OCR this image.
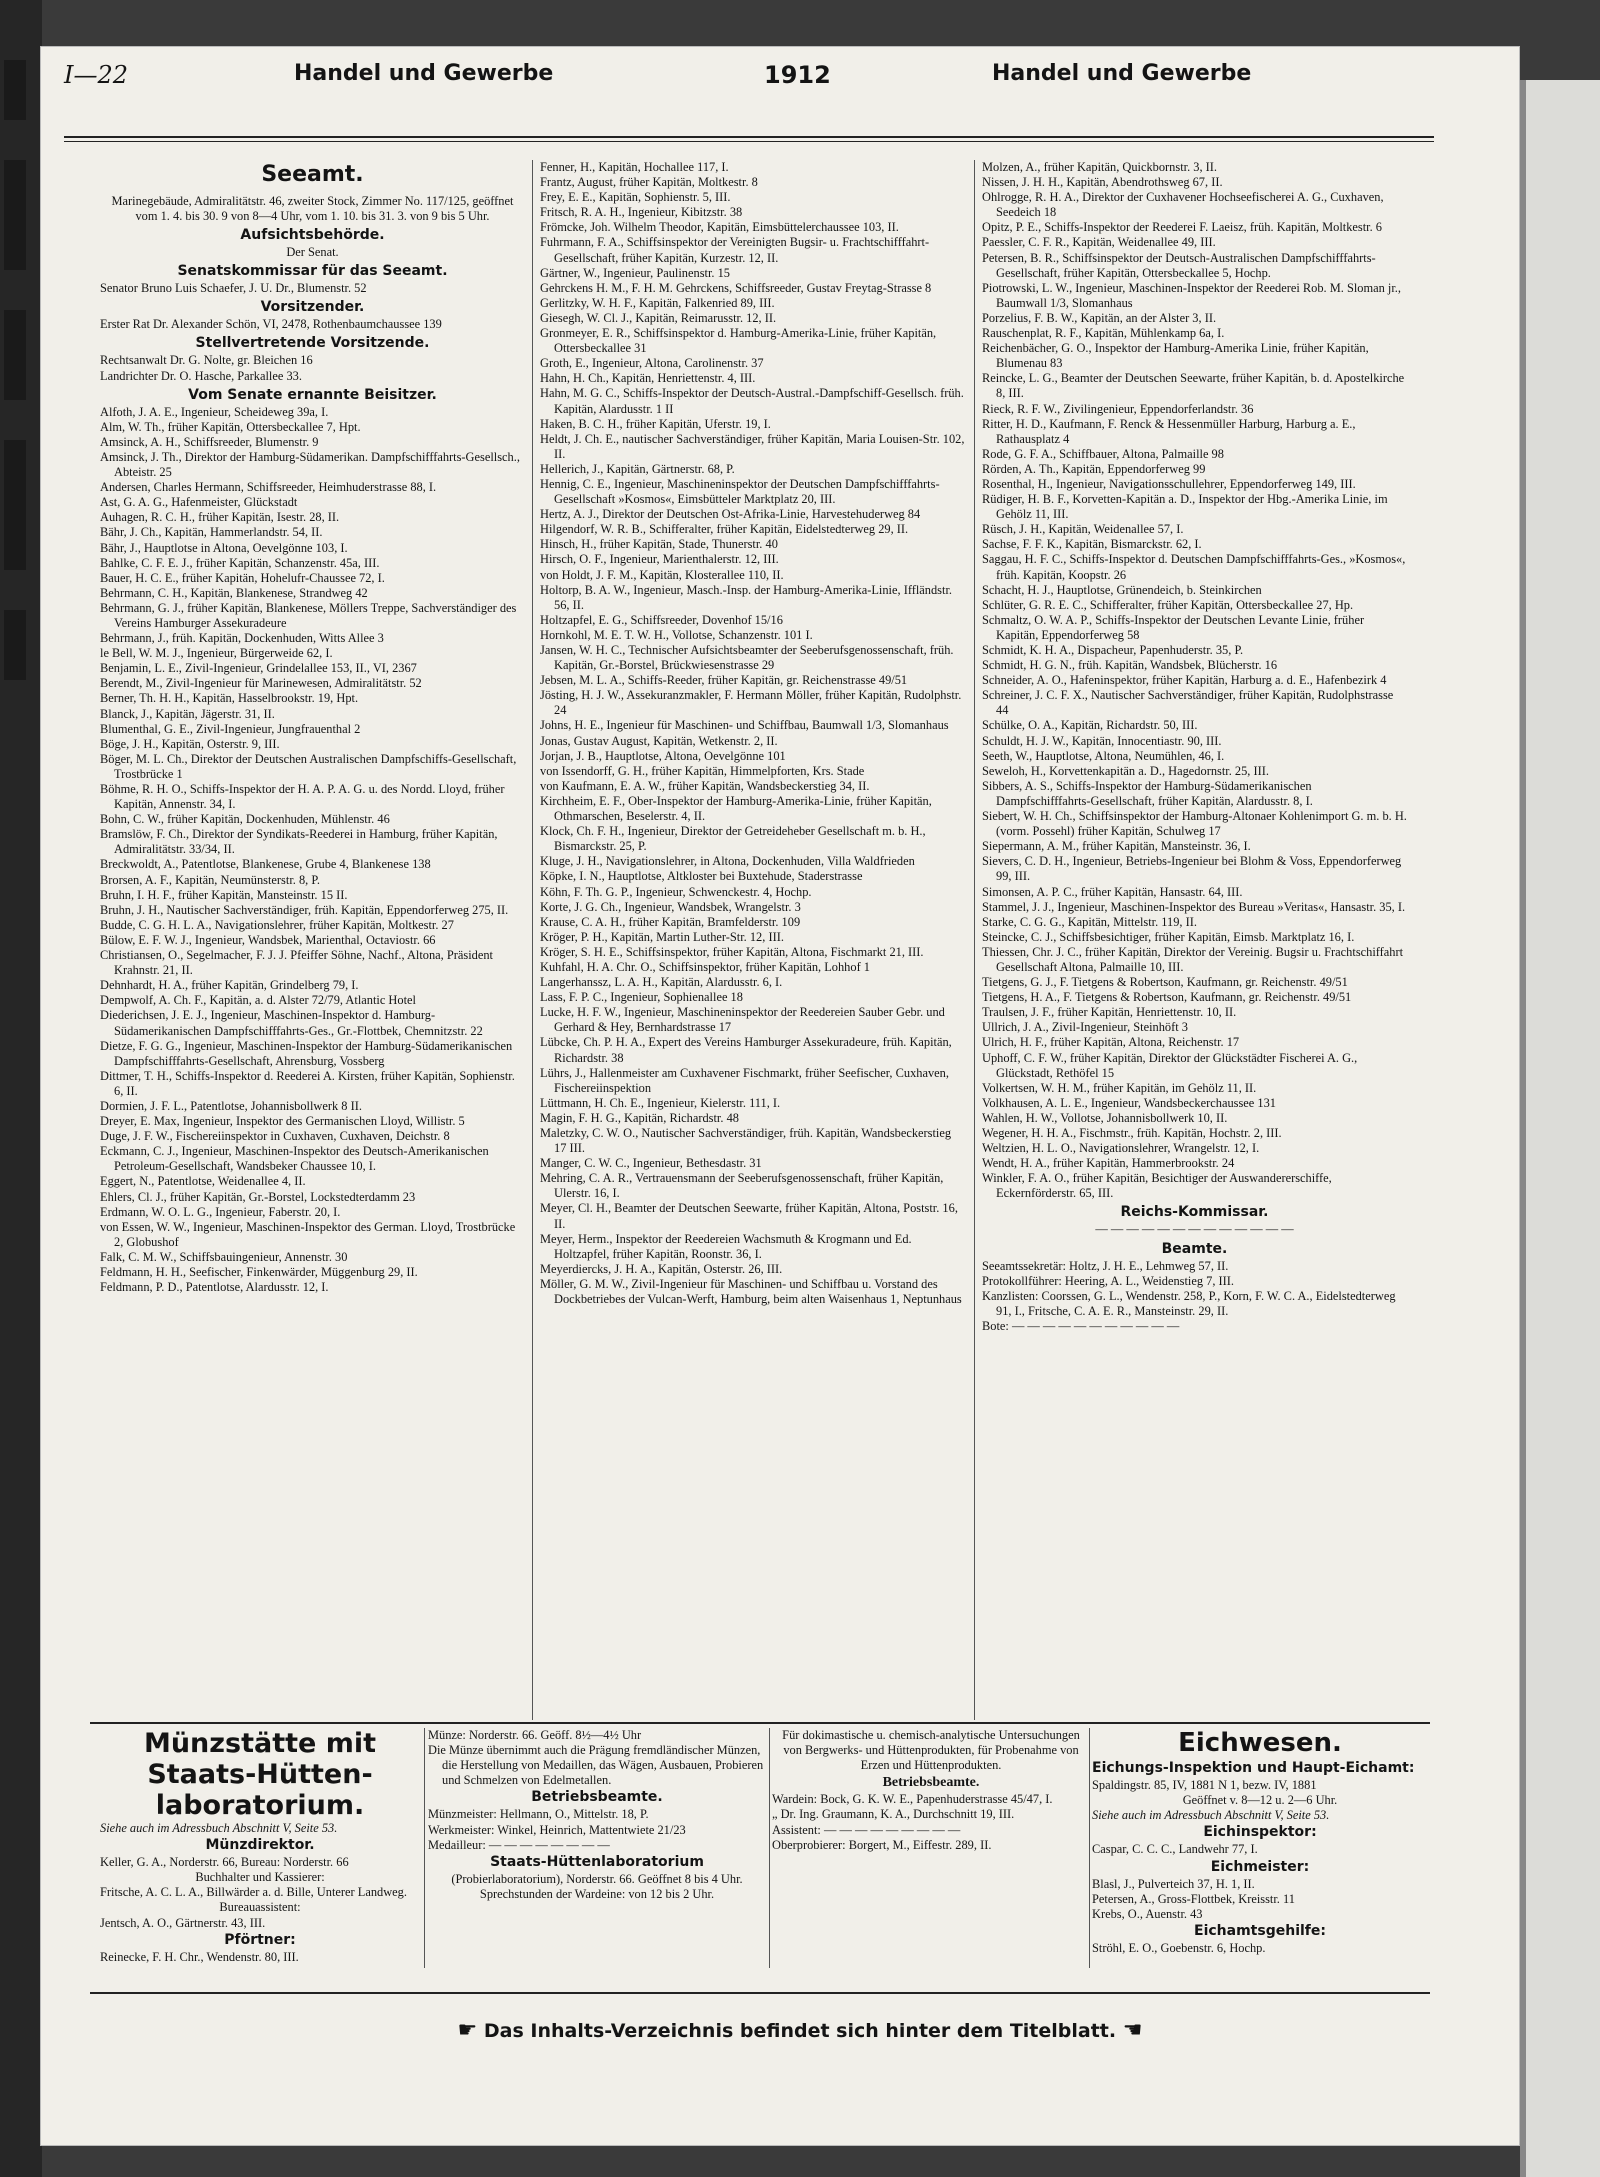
I—22	Handel und Gewerbe	1912	Handel und Gewerbe

Seeamt.

Marinegebäude, Admiralitätstr. 46, zweiter Stock, Zimmer No. 117/125, geöffnet vom 1. 4. bis 30. 9 von 8—4 Uhr, vom 1. 10. bis 31. 3. von 9 bis 5 Uhr.

Aufsichtsbehörde.

Der Senat.

Senatskommissar für das Seeamt.

Senator Bruno Luis Schaefer, J. U. Dr., Blumenstr. 52

Vorsitzender.

Erster Rat Dr. Alexander Schön, VI, 2478, Rothenbaumchaussee 139

Stellvertretende Vorsitzende.

Rechtsanwalt Dr. G. Nolte, gr. Bleichen 16

Landrichter Dr. O. Hasche, Parkallee 33.

Vom Senate ernannte Beisitzer.

Alfoth, J. A. E., Ingenieur, Scheideweg 39a, I.

Alm, W. Th., früher Kapitän, Ottersbeckallee 7, Hpt.

Amsinck, A. H., Schiffsreeder, Blumenstr. 9

Amsinck, J. Th., Direktor der Hamburg-Südamerikan. Dampfschifffahrts-Gesellsch., Abteistr. 25

Andersen, Charles Hermann, Schiffsreeder, Heimhuderstrasse 88, I.

Ast, G. A. G., Hafenmeister, Glückstadt

Auhagen, R. C. H., früher Kapitän, Isestr. 28, II.

Bähr, J. Ch., Kapitän, Hammerlandstr. 54, II.

Bähr, J., Hauptlotse in Altona, Oevelgönne 103, I.

Bahlke, C. F. E. J., früher Kapitän, Schanzenstr. 45a, III.

Bauer, H. C. E., früher Kapitän, Hohelufr-Chaussee 72, I.

Behrmann, C. H., Kapitän, Blankenese, Strandweg 42

Behrmann, G. J., früher Kapitän, Blankenese, Möllers Treppe, Sachverständiger des Vereins Hamburger Assekuradeure

Behrmann, J., früh. Kapitän, Dockenhuden, Witts Allee 3

le Bell, W. M. J., Ingenieur, Bürgerweide 62, I.

Benjamin, L. E., Zivil-Ingenieur, Grindelallee 153, II., VI, 2367

Berendt, M., Zivil-Ingenieur für Marinewesen, Admiralitätstr. 52

Berner, Th. H. H., Kapitän, Hasselbrookstr. 19, Hpt.

Blanck, J., Kapitän, Jägerstr. 31, II.

Blumenthal, G. E., Zivil-Ingenieur, Jungfrauenthal 2

Böge, J. H., Kapitän, Osterstr. 9, III.

Böger, M. L. Ch., Direktor der Deutschen Australischen Dampfschiffs-Gesellschaft, Trostbrücke 1

Böhme, R. H. O., Schiffs-Inspektor der H. A. P. A. G. u. des Nordd. Lloyd, früher Kapitän, Annenstr. 34, I.

Bohn, C. W., früher Kapitän, Dockenhuden, Mühlenstr. 46

Bramslöw, F. Ch., Direktor der Syndikats-Reederei in Hamburg, früher Kapitän, Admiralitätstr. 33/34, II.

Breckwoldt, A., Patentlotse, Blankenese, Grube 4, Blankenese 138

Brorsen, A. F., Kapitän, Neumünsterstr. 8, P.

Bruhn, I. H. F., früher Kapitän, Mansteinstr. 15 II.

Bruhn, J. H., Nautischer Sachverständiger, früh. Kapitän, Eppendorferweg 275, II.

Budde, C. G. H. L. A., Navigationslehrer, früher Kapitän, Moltkestr. 27

Bülow, E. F. W. J., Ingenieur, Wandsbek, Marienthal, Octaviostr. 66

Christiansen, O., Segelmacher, F. J. J. Pfeiffer Söhne, Nachf., Altona, Präsident Krahnstr. 21, II.

Dehnhardt, H. A., früher Kapitän, Grindelberg 79, I.

Dempwolf, A. Ch. F., Kapitän, a. d. Alster 72/79, Atlantic Hotel

Diederichsen, J. E. J., Ingenieur, Maschinen-Inspektor d. Hamburg-Südamerikanischen Dampfschifffahrts-Ges., Gr.-Flottbek, Chemnitzstr. 22

Dietze, F. G. G., Ingenieur, Maschinen-Inspektor der Hamburg-Südamerikanischen Dampfschifffahrts-Gesellschaft, Ahrensburg, Vossberg

Dittmer, T. H., Schiffs-Inspektor d. Reederei A. Kirsten, früher Kapitän, Sophienstr. 6, II.

Dormien, J. F. L., Patentlotse, Johannisbollwerk 8 II.

Dreyer, E. Max, Ingenieur, Inspektor des Germanischen Lloyd, Willistr. 5

Duge, J. F. W., Fischereiinspektor in Cuxhaven, Cuxhaven, Deichstr. 8

Eckmann, C. J., Ingenieur, Maschinen-Inspektor des Deutsch-Amerikanischen Petroleum-Gesellschaft, Wandsbeker Chaussee 10, I.

Eggert, N., Patentlotse, Weidenallee 4, II.

Ehlers, Cl. J., früher Kapitän, Gr.-Borstel, Lockstedterdamm 23

Erdmann, W. O. L. G., Ingenieur, Faberstr. 20, I.

von Essen, W. W., Ingenieur, Maschinen-Inspektor des German. Lloyd, Trostbrücke 2, Globushof

Falk, C. M. W., Schiffsbauingenieur, Annenstr. 30

Feldmann, H. H., Seefischer, Finkenwärder, Müggenburg 29, II.

Feldmann, P. D., Patentlotse, Alardusstr. 12, I.

Fenner, H., Kapitän, Hochallee 117, I.

Frantz, August, früher Kapitän, Moltkestr. 8

Frey, E. E., Kapitän, Sophienstr. 5, III.

Fritsch, R. A. H., Ingenieur, Kibitzstr. 38

Frömcke, Joh. Wilhelm Theodor, Kapitän, Eimsbüttelerchaussee 103, II.

Fuhrmann, F. A., Schiffsinspektor der Vereinigten Bugsir- u. Frachtschifffahrt-Gesellschaft, früher Kapitän, Kurzestr. 12, II.

Gärtner, W., Ingenieur, Paulinenstr. 15

Gehrckens H. M., F. H. M. Gehrckens, Schiffsreeder, Gustav Freytag-Strasse 8

Gerlitzky, W. H. F., Kapitän, Falkenried 89, III.

Giesegh, W. Cl. J., Kapitän, Reimarusstr. 12, II.

Gronmeyer, E. R., Schiffsinspektor d. Hamburg-Amerika-Linie, früher Kapitän, Ottersbeckallee 31

Groth, E., Ingenieur, Altona, Carolinenstr. 37

Hahn, H. Ch., Kapitän, Henriettenstr. 4, III.

Hahn, M. G. C., Schiffs-Inspektor der Deutsch-Austral.-Dampfschiff-Gesellsch. früh. Kapitän, Alardusstr. 1 II

Haken, B. C. H., früher Kapitän, Uferstr. 19, I.

Heldt, J. Ch. E., nautischer Sachverständiger, früher Kapitän, Maria Louisen-Str. 102, II.

Hellerich, J., Kapitän, Gärtnerstr. 68, P.

Hennig, C. E., Ingenieur, Maschineninspektor der Deutschen Dampfschifffahrts-Gesellschaft »Kosmos«, Eimsbütteler Marktplatz 20, III.

Hertz, A. J., Direktor der Deutschen Ost-Afrika-Linie, Harvestehuderweg 84

Hilgendorf, W. R. B., Schifferalter, früher Kapitän, Eidelstedterweg 29, II.

Hinsch, H., früher Kapitän, Stade, Thunerstr. 40

Hirsch, O. F., Ingenieur, Marienthalerstr. 12, III.

von Holdt, J. F. M., Kapitän, Klosterallee 110, II.

Holtorp, B. A. W., Ingenieur, Masch.-Insp. der Hamburg-Amerika-Linie, Iffländstr. 56, II.

Holtzapfel, E. G., Schiffsreeder, Dovenhof 15/16

Hornkohl, M. E. T. W. H., Vollotse, Schanzenstr. 101 I.

Jansen, W. H. C., Technischer Aufsichtsbeamter der Seeberufsgenossenschaft, früh. Kapitän, Gr.-Borstel, Brückwiesenstrasse 29

Jebsen, M. L. A., Schiffs-Reeder, früher Kapitän, gr. Reichenstrasse 49/51

Jösting, H. J. W., Assekuranzmakler, F. Hermann Möller, früher Kapitän, Rudolphstr. 24

Johns, H. E., Ingenieur für Maschinen- und Schiffbau, Baumwall 1/3, Slomanhaus

Jonas, Gustav August, Kapitän, Wetkenstr. 2, II.

Jorjan, J. B., Hauptlotse, Altona, Oevelgönne 101

von Issendorff, G. H., früher Kapitän, Himmelpforten, Krs. Stade

von Kaufmann, E. A. W., früher Kapitän, Wandsbeckerstieg 34, II.

Kirchheim, E. F., Ober-Inspektor der Hamburg-Amerika-Linie, früher Kapitän, Othmarschen, Beselerstr. 4, II.

Klock, Ch. F. H., Ingenieur, Direktor der Getreideheber Gesellschaft m. b. H., Bismarckstr. 25, P.

Kluge, J. H., Navigationslehrer, in Altona, Dockenhuden, Villa Waldfrieden

Köpke, I. N., Hauptlotse, Altkloster bei Buxtehude, Staderstrasse

Köhn, F. Th. G. P., Ingenieur, Schwenckestr. 4, Hochp.

Korte, J. G. Ch., Ingenieur, Wandsbek, Wrangelstr. 3

Krause, C. A. H., früher Kapitän, Bramfelderstr. 109

Kröger, P. H., Kapitän, Martin Luther-Str. 12, III.

Kröger, S. H. E., Schiffsinspektor, früher Kapitän, Altona, Fischmarkt 21, III.

Kuhfahl, H. A. Chr. O., Schiffsinspektor, früher Kapitän, Lohhof 1

Langerhanssz, L. A. H., Kapitän, Alardusstr. 6, I.

Lass, F. P. C., Ingenieur, Sophienallee 18

Lucke, H. F. W., Ingenieur, Maschineninspektor der Reedereien Sauber Gebr. und Gerhard & Hey, Bernhardstrasse 17

Lübcke, Ch. P. H. A., Expert des Vereins Hamburger Assekuradeure, früh. Kapitän, Richardstr. 38

Lührs, J., Hallenmeister am Cuxhavener Fischmarkt, früher Seefischer, Cuxhaven, Fischereiinspektion

Lüttmann, H. Ch. E., Ingenieur, Kielerstr. 111, I.

Magin, F. H. G., Kapitän, Richardstr. 48

Maletzky, C. W. O., Nautischer Sachverständiger, früh. Kapitän, Wandsbeckerstieg 17 III.

Manger, C. W. C., Ingenieur, Bethesdastr. 31

Mehring, C. A. R., Vertrauensmann der Seeberufsgenossenschaft, früher Kapitän, Ulerstr. 16, I.

Meyer, Cl. H., Beamter der Deutschen Seewarte, früher Kapitän, Altona, Poststr. 16, II.

Meyer, Herm., Inspektor der Reedereien Wachsmuth & Krogmann und Ed. Holtzapfel, früher Kapitän, Roonstr. 36, I.

Meyerdiercks, J. H. A., Kapitän, Osterstr. 26, III.

Möller, G. M. W., Zivil-Ingenieur für Maschinen- und Schiffbau u. Vorstand des Dockbetriebes der Vulcan-Werft, Hamburg, beim alten Waisenhaus 1, Neptunhaus

Molzen, A., früher Kapitän, Quickbornstr. 3, II.

Nissen, J. H. H., Kapitän, Abendrothsweg 67, II.

Ohlrogge, R. H. A., Direktor der Cuxhavener Hochseefischerei A. G., Cuxhaven, Seedeich 18

Opitz, P. E., Schiffs-Inspektor der Reederei F. Laeisz, früh. Kapitän, Moltkestr. 6

Paessler, C. F. R., Kapitän, Weidenallee 49, III.

Petersen, B. R., Schiffsinspektor der Deutsch-Australischen Dampfschifffahrts-Gesellschaft, früher Kapitän, Ottersbeckallee 5, Hochp.

Piotrowski, L. W., Ingenieur, Maschinen-Inspektor der Reederei Rob. M. Sloman jr., Baumwall 1/3, Slomanhaus

Porzelius, F. B. W., Kapitän, an der Alster 3, II.

Rauschenplat, R. F., Kapitän, Mühlenkamp 6a, I.

Reichenbächer, G. O., Inspektor der Hamburg-Amerika Linie, früher Kapitän, Blumenau 83

Reincke, L. G., Beamter der Deutschen Seewarte, früher Kapitän, b. d. Apostelkirche 8, III.

Rieck, R. F. W., Zivilingenieur, Eppendorferlandstr. 36

Ritter, H. D., Kaufmann, F. Renck & Hessenmüller Harburg, Harburg a. E., Rathausplatz 4

Rode, G. F. A., Schiffbauer, Altona, Palmaille 98

Rörden, A. Th., Kapitän, Eppendorferweg 99

Rosenthal, H., Ingenieur, Navigationsschullehrer, Eppendorferweg 149, III.

Rüdiger, H. B. F., Korvetten-Kapitän a. D., Inspektor der Hbg.-Amerika Linie, im Gehölz 11, III.

Rüsch, J. H., Kapitän, Weidenallee 57, I.

Sachse, F. F. K., Kapitän, Bismarckstr. 62, I.

Saggau, H. F. C., Schiffs-Inspektor d. Deutschen Dampfschifffahrts-Ges., »Kosmos«, früh. Kapitän, Koopstr. 26

Schacht, H. J., Hauptlotse, Grünendeich, b. Steinkirchen

Schlüter, G. R. E. C., Schifferalter, früher Kapitän, Ottersbeckallee 27, Hp.

Schmaltz, O. W. A. P., Schiffs-Inspektor der Deutschen Levante Linie, früher Kapitän, Eppendorferweg 58

Schmidt, K. H. A., Dispacheur, Papenhuderstr. 35, P.

Schmidt, H. G. N., früh. Kapitän, Wandsbek, Blücherstr. 16

Schneider, A. O., Hafeninspektor, früher Kapitän, Harburg a. d. E., Hafenbezirk 4

Schreiner, J. C. F. X., Nautischer Sachverständiger, früher Kapitän, Rudolphstrasse 44

Schülke, O. A., Kapitän, Richardstr. 50, III.

Schuldt, H. J. W., Kapitän, Innocentiastr. 90, III.

Seeth, W., Hauptlotse, Altona, Neumühlen, 46, I.

Seweloh, H., Korvettenkapitän a. D., Hagedornstr. 25, III.

Sibbers, A. S., Schiffs-Inspektor der Hamburg-Südamerikanischen Dampfschifffahrts-Gesellschaft, früher Kapitän, Alardusstr. 8, I.

Siebert, W. H. Ch., Schiffsinspektor der Hamburg-Altonaer Kohlenimport G. m. b. H. (vorm. Possehl) früher Kapitän, Schulweg 17

Siepermann, A. M., früher Kapitän, Mansteinstr. 36, I.

Sievers, C. D. H., Ingenieur, Betriebs-Ingenieur bei Blohm & Voss, Eppendorferweg 99, III.

Simonsen, A. P. C., früher Kapitän, Hansastr. 64, III.

Stammel, J. J., Ingenieur, Maschinen-Inspektor des Bureau »Veritas«, Hansastr. 35, I.

Starke, C. G. G., Kapitän, Mittelstr. 119, II.

Steincke, C. J., Schiffsbesichtiger, früher Kapitän, Eimsb. Marktplatz 16, I.

Thiessen, Chr. J. C., früher Kapitän, Direktor der Vereinig. Bugsir u. Frachtschiffahrt Gesellschaft Altona, Palmaille 10, III.

Tietgens, G. J., F. Tietgens & Robertson, Kaufmann, gr. Reichenstr. 49/51

Tietgens, H. A., F. Tietgens & Robertson, Kaufmann, gr. Reichenstr. 49/51

Traulsen, J. F., früher Kapitän, Henriettenstr. 10, II.

Ullrich, J. A., Zivil-Ingenieur, Steinhöft 3

Ulrich, H. F., früher Kapitän, Altona, Reichenstr. 17

Uphoff, C. F. W., früher Kapitän, Direktor der Glückstädter Fischerei A. G., Glückstadt, Rethöfel 15

Volkertsen, W. H. M., früher Kapitän, im Gehölz 11, II.

Volkhausen, A. L. E., Ingenieur, Wandsbeckerchaussee 131

Wahlen, H. W., Vollotse, Johannisbollwerk 10, II.

Wegener, H. H. A., Fischmstr., früh. Kapitän, Hochstr. 2, III.

Weltzien, H. L. O., Navigationslehrer, Wrangelstr. 12, I.

Wendt, H. A., früher Kapitän, Hammerbrookstr. 24

Winkler, F. A. O., früher Kapitän, Besichtiger der Auswandererschiffe, Eckernförderstr. 65, III.

Reichs-Kommissar.

— — — — — — — — — — — — —

Beamte.

Seeamtssekretär: Holtz, J. H. E., Lehmweg 57, II.

Protokollführer: Heering, A. L., Weidenstieg 7, III.

Kanzlisten: Coorssen, G. L., Wendenstr. 258, P., Korn, F. W. C. A., Eidelstedterweg 91, I., Fritsche, C. A. E. R., Mansteinstr. 29, II.

Bote: — — — — — — — — — — —

Münzstätte mit Staats-Hütten-laboratorium.

Siehe auch im Adressbuch Abschnitt V, Seite 53.

Münzdirektor.

Keller, G. A., Norderstr. 66, Bureau: Norderstr. 66

Buchhalter und Kassierer:

Fritsche, A. C. L. A., Billwärder a. d. Bille, Unterer Landweg.

Bureauassistent:

Jentsch, A. O., Gärtnerstr. 43, III.

Pförtner:

Reinecke, F. H. Chr., Wendenstr. 80, III.

Münze: Norderstr. 66. Geöff. 8½—4½ Uhr

Die Münze übernimmt auch die Prägung fremdländischer Münzen, die Herstellung von Medaillen, das Wägen, Ausbauen, Probieren und Schmelzen von Edelmetallen.

Betriebsbeamte.

Münzmeister: Hellmann, O., Mittelstr. 18, P.

Werkmeister: Winkel, Heinrich, Mattentwiete 21/23

Medailleur: — — — — — — — —

Staats-Hüttenlaboratorium

(Probierlaboratorium), Norderstr. 66. Geöffnet 8 bis 4 Uhr. Sprechstunden der Wardeine: von 12 bis 2 Uhr.

Für dokimastische u. chemisch-analytische Untersuchungen von Bergwerks- und Hüttenprodukten, für Probenahme von Erzen und Hüttenprodukten.

Betriebsbeamte.

Wardein: Bock, G. K. W. E., Papenhuderstrasse 45/47, I.

„ Dr. Ing. Graumann, K. A., Durchschnitt 19, III.

Assistent: — — — — — — — — —

Oberprobierer: Borgert, M., Eiffestr. 289, II.

Eichwesen.

Eichungs-Inspektion und Haupt-Eichamt:

Spaldingstr. 85, IV, 1881 N 1, bezw. IV, 1881

Geöffnet v. 8—12 u. 2—6 Uhr.

Siehe auch im Adressbuch Abschnitt V, Seite 53.

Eichinspektor:

Caspar, C. C. C., Landwehr 77, I.

Eichmeister:

Blasl, J., Pulverteich 37, H. 1, II.

Petersen, A., Gross-Flottbek, Kreisstr. 11

Krebs, O., Auenstr. 43

Eichamtsgehilfe:

Ströhl, E. O., Goebenstr. 6, Hochp.

☛ Das Inhalts-Verzeichnis befindet sich hinter dem Titelblatt. ☚
